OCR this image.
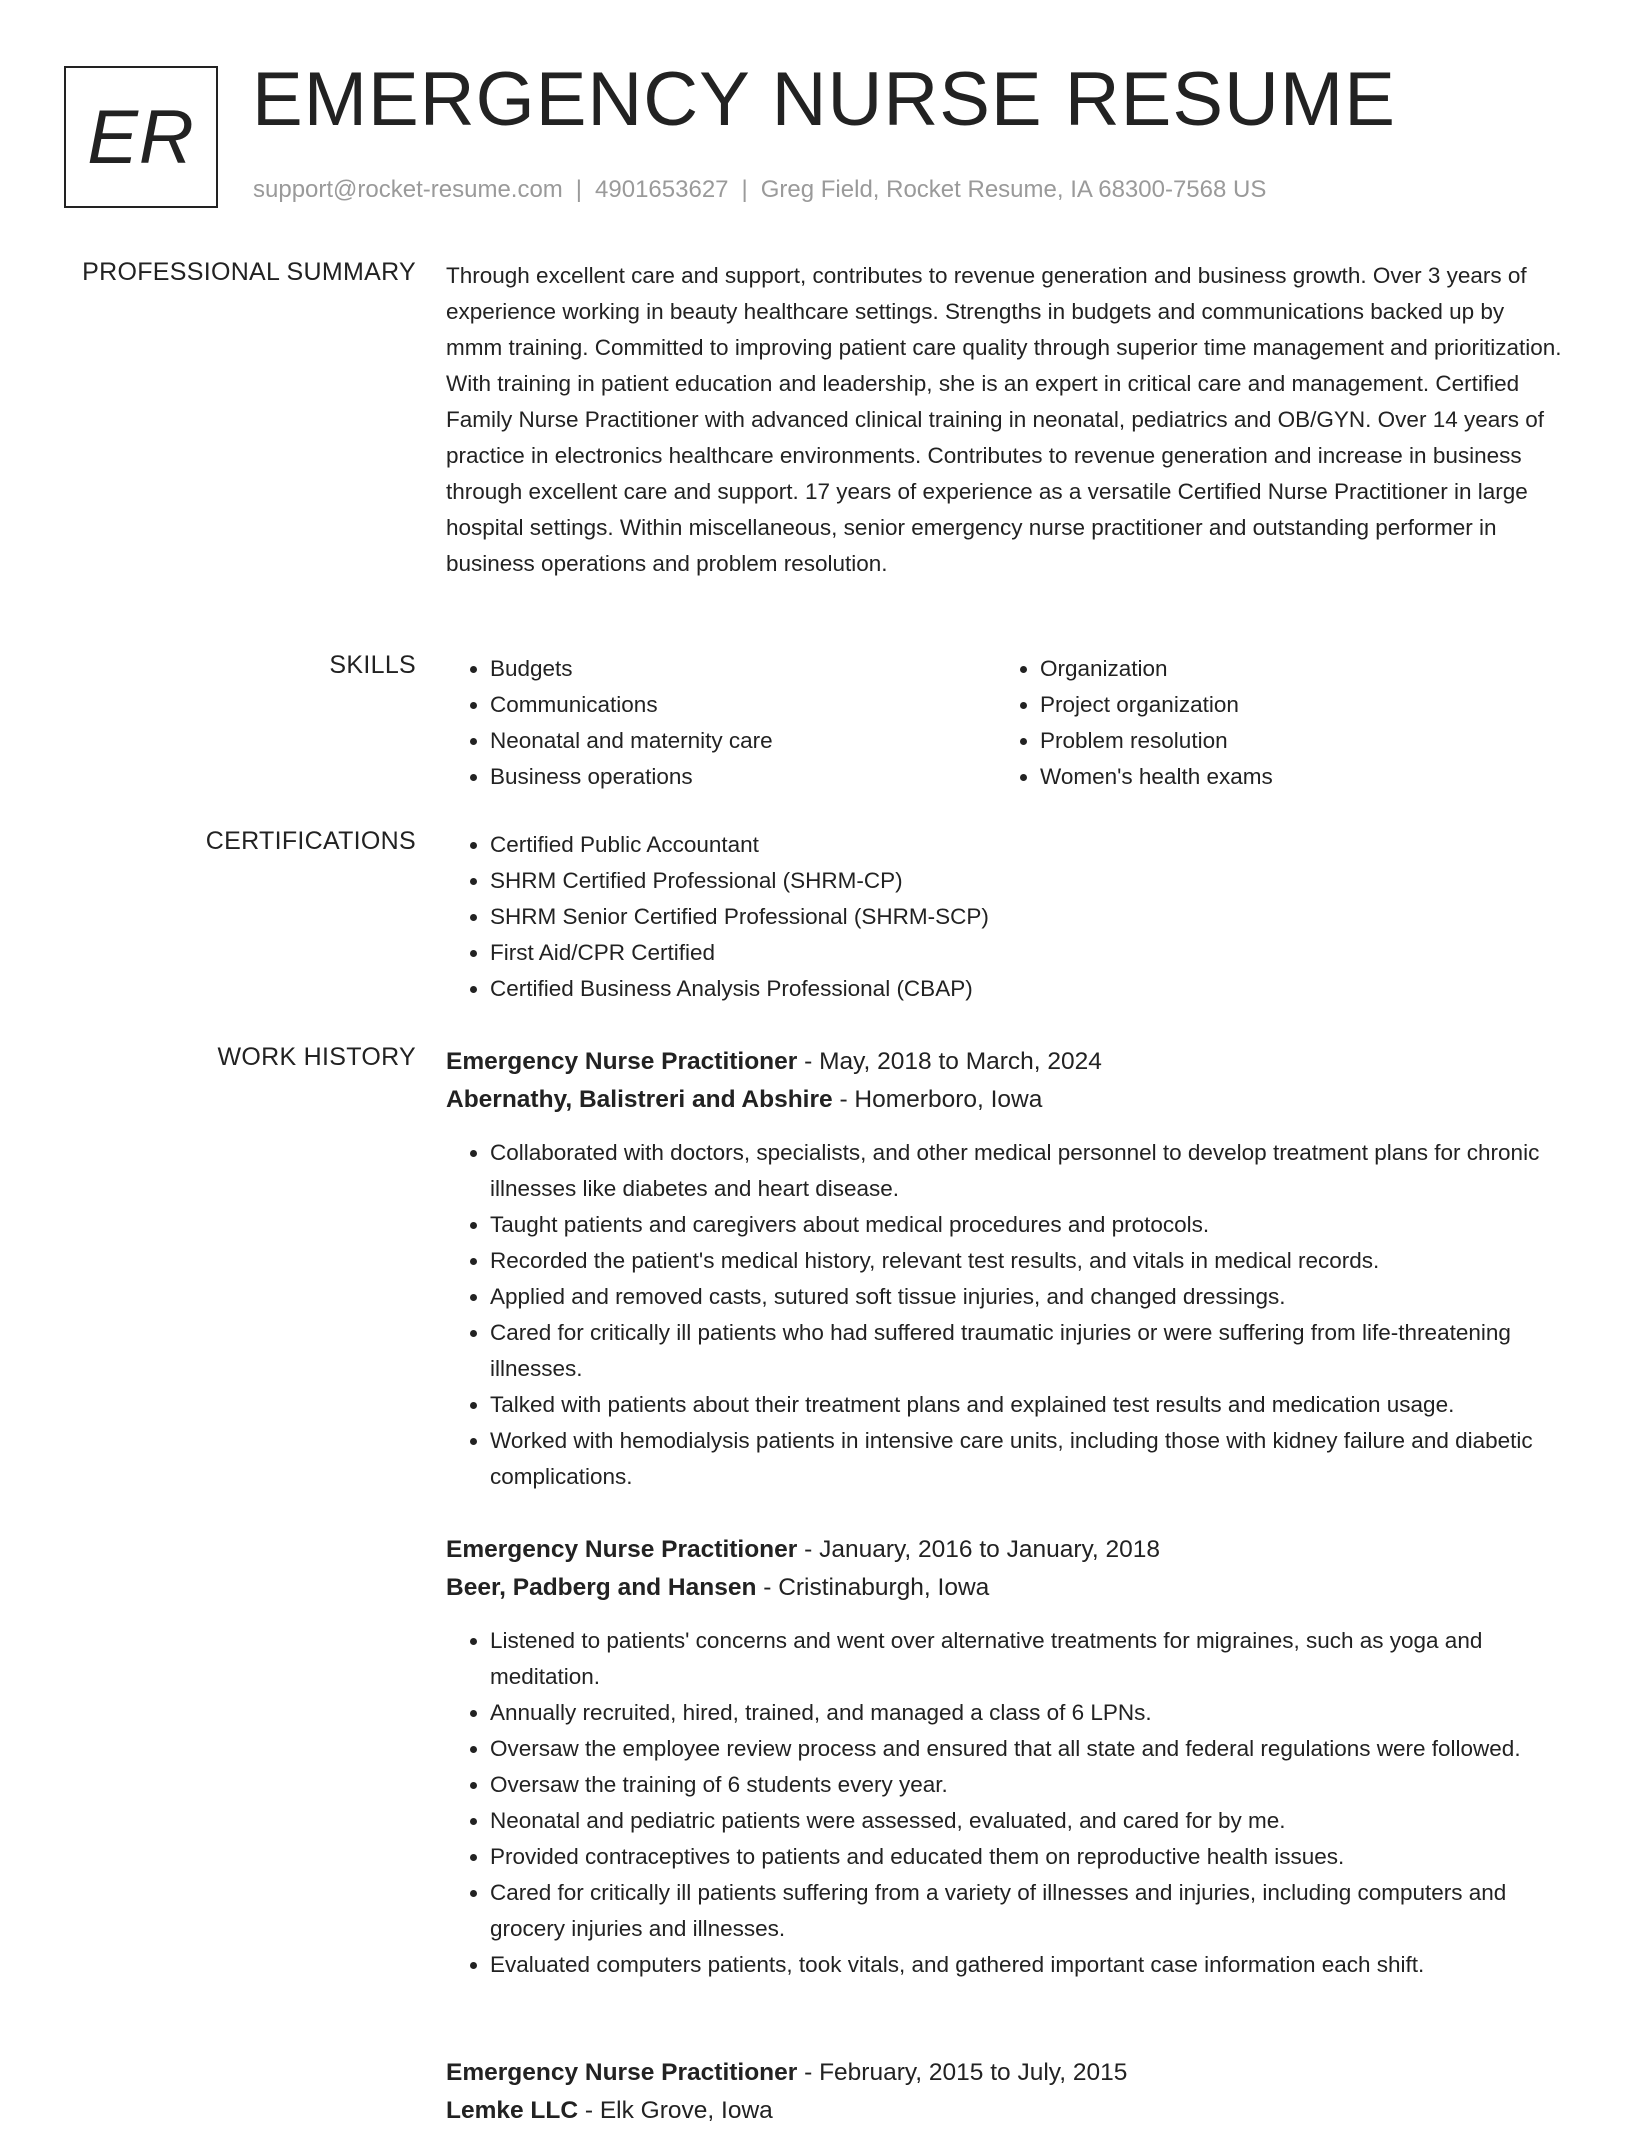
ER EMERGENCY NURSE RESUME
support@rocket-resume.com | 4901653627 | Greg Field, Rocket Resume, IA 68300-7568 US
PROFESSIONAL SUMMARY Through excellent care and support, contributes to revenue generation and business growth. Over 3 years of experience working in beauty healthcare settings. Strengths in budgets and communications backed up by mmm training. Committed to improving patient care quality through superior time management and prioritization. With training in patient education and leadership, she is an expert in critical care and management. Certified Family Nurse Practitioner with advanced clinical training in neonatal, pediatrics and OB/GYN. Over 14 years of practice in electronics healthcare environments. Contributes to revenue generation and increase in business through excellent care and support. 17 years of experience as a versatile Certified Nurse Practitioner in large hospital settings. Within miscellaneous, senior emergency nurse practitioner and outstanding performer in business operations and problem resolution.

SKILLS	• Budgets
• Communications
• Neonatal and maternity care
• Business operations
• Organization
• Project organization
• Problem resolution
• Women's health exams
CERTIFICATIONS	• Certified Public Accountant
• SHRM Certified Professional (SHRM-CP)
• SHRM Senior Certified Professional (SHRM-SCP)
• First Aid/CPR Certified
• Certified Business Analysis Professional (CBAP)
WORK HISTORY Emergency Nurse Practitioner - May, 2018 to March, 2024
Abernathy, Balistreri and Abshire - Homerboro, Iowa
• Collaborated with doctors, specialists, and other medical personnel to develop treatment plans for chronic illnesses like diabetes and heart disease.
• Taught patients and caregivers about medical procedures and protocols.
• Recorded the patient's medical history, relevant test results, and vitals in medical records.
• Applied and removed casts, sutured soft tissue injuries, and changed dressings.
• Cared for critically ill patients who had suffered traumatic injuries or were suffering from life-threatening illnesses.
• Talked with patients about their treatment plans and explained test results and medication usage.
• Worked with hemodialysis patients in intensive care units, including those with kidney failure and diabetic complications.
Emergency Nurse Practitioner - January, 2016 to January, 2018
Beer, Padberg and Hansen - Cristinaburgh, Iowa
• Listened to patients' concerns and went over alternative treatments for migraines, such as yoga and meditation.
• Annually recruited, hired, trained, and managed a class of 6 LPNs.
• Oversaw the employee review process and ensured that all state and federal regulations were followed.
• Oversaw the training of 6 students every year.
• Neonatal and pediatric patients were assessed, evaluated, and cared for by me.
• Provided contraceptives to patients and educated them on reproductive health issues.
• Cared for critically ill patients suffering from a variety of illnesses and injuries, including computers and grocery injuries and illnesses.
• Evaluated computers patients, took vitals, and gathered important case information each shift.
Emergency Nurse Practitioner - February, 2015 to July, 2015
Lemke LLC - Elk Grove, Iowa
